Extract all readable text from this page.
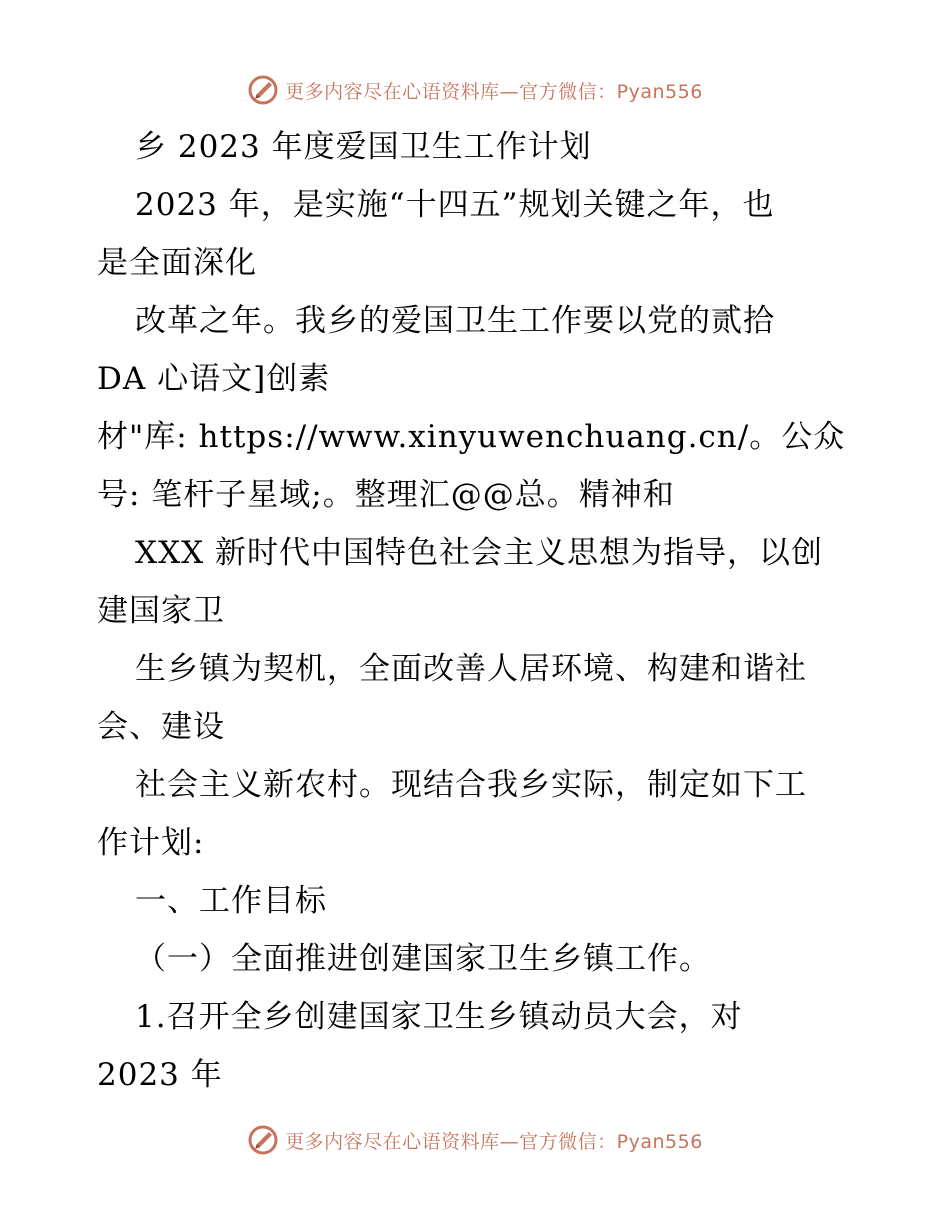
更多内容尽在心语资料库—官方微信：Pyan556
乡 2023 年度爱国卫生工作计划
2023 年，是实施“十四五”规划关键之年，也
是全面深化
改革之年。我乡的爱国卫生工作要以党的贰拾
DA 心语文]创素
材"库: https://www.xinyuwenchuang.cn/。公众
号: 笔杆子星域;。整理汇@@总。精神和
XXX 新时代中国特色社会主义思想为指导，以创
建国家卫
生乡镇为契机，全面改善人居环境、构建和谐社
会、建设
社会主义新农村。现结合我乡实际，制定如下工
作计划:
一、工作目标
（一）全面推进创建国家卫生乡镇工作。
1.召开全乡创建国家卫生乡镇动员大会，对
2023 年
更多内容尽在心语资料库—官方微信：Pyan556
